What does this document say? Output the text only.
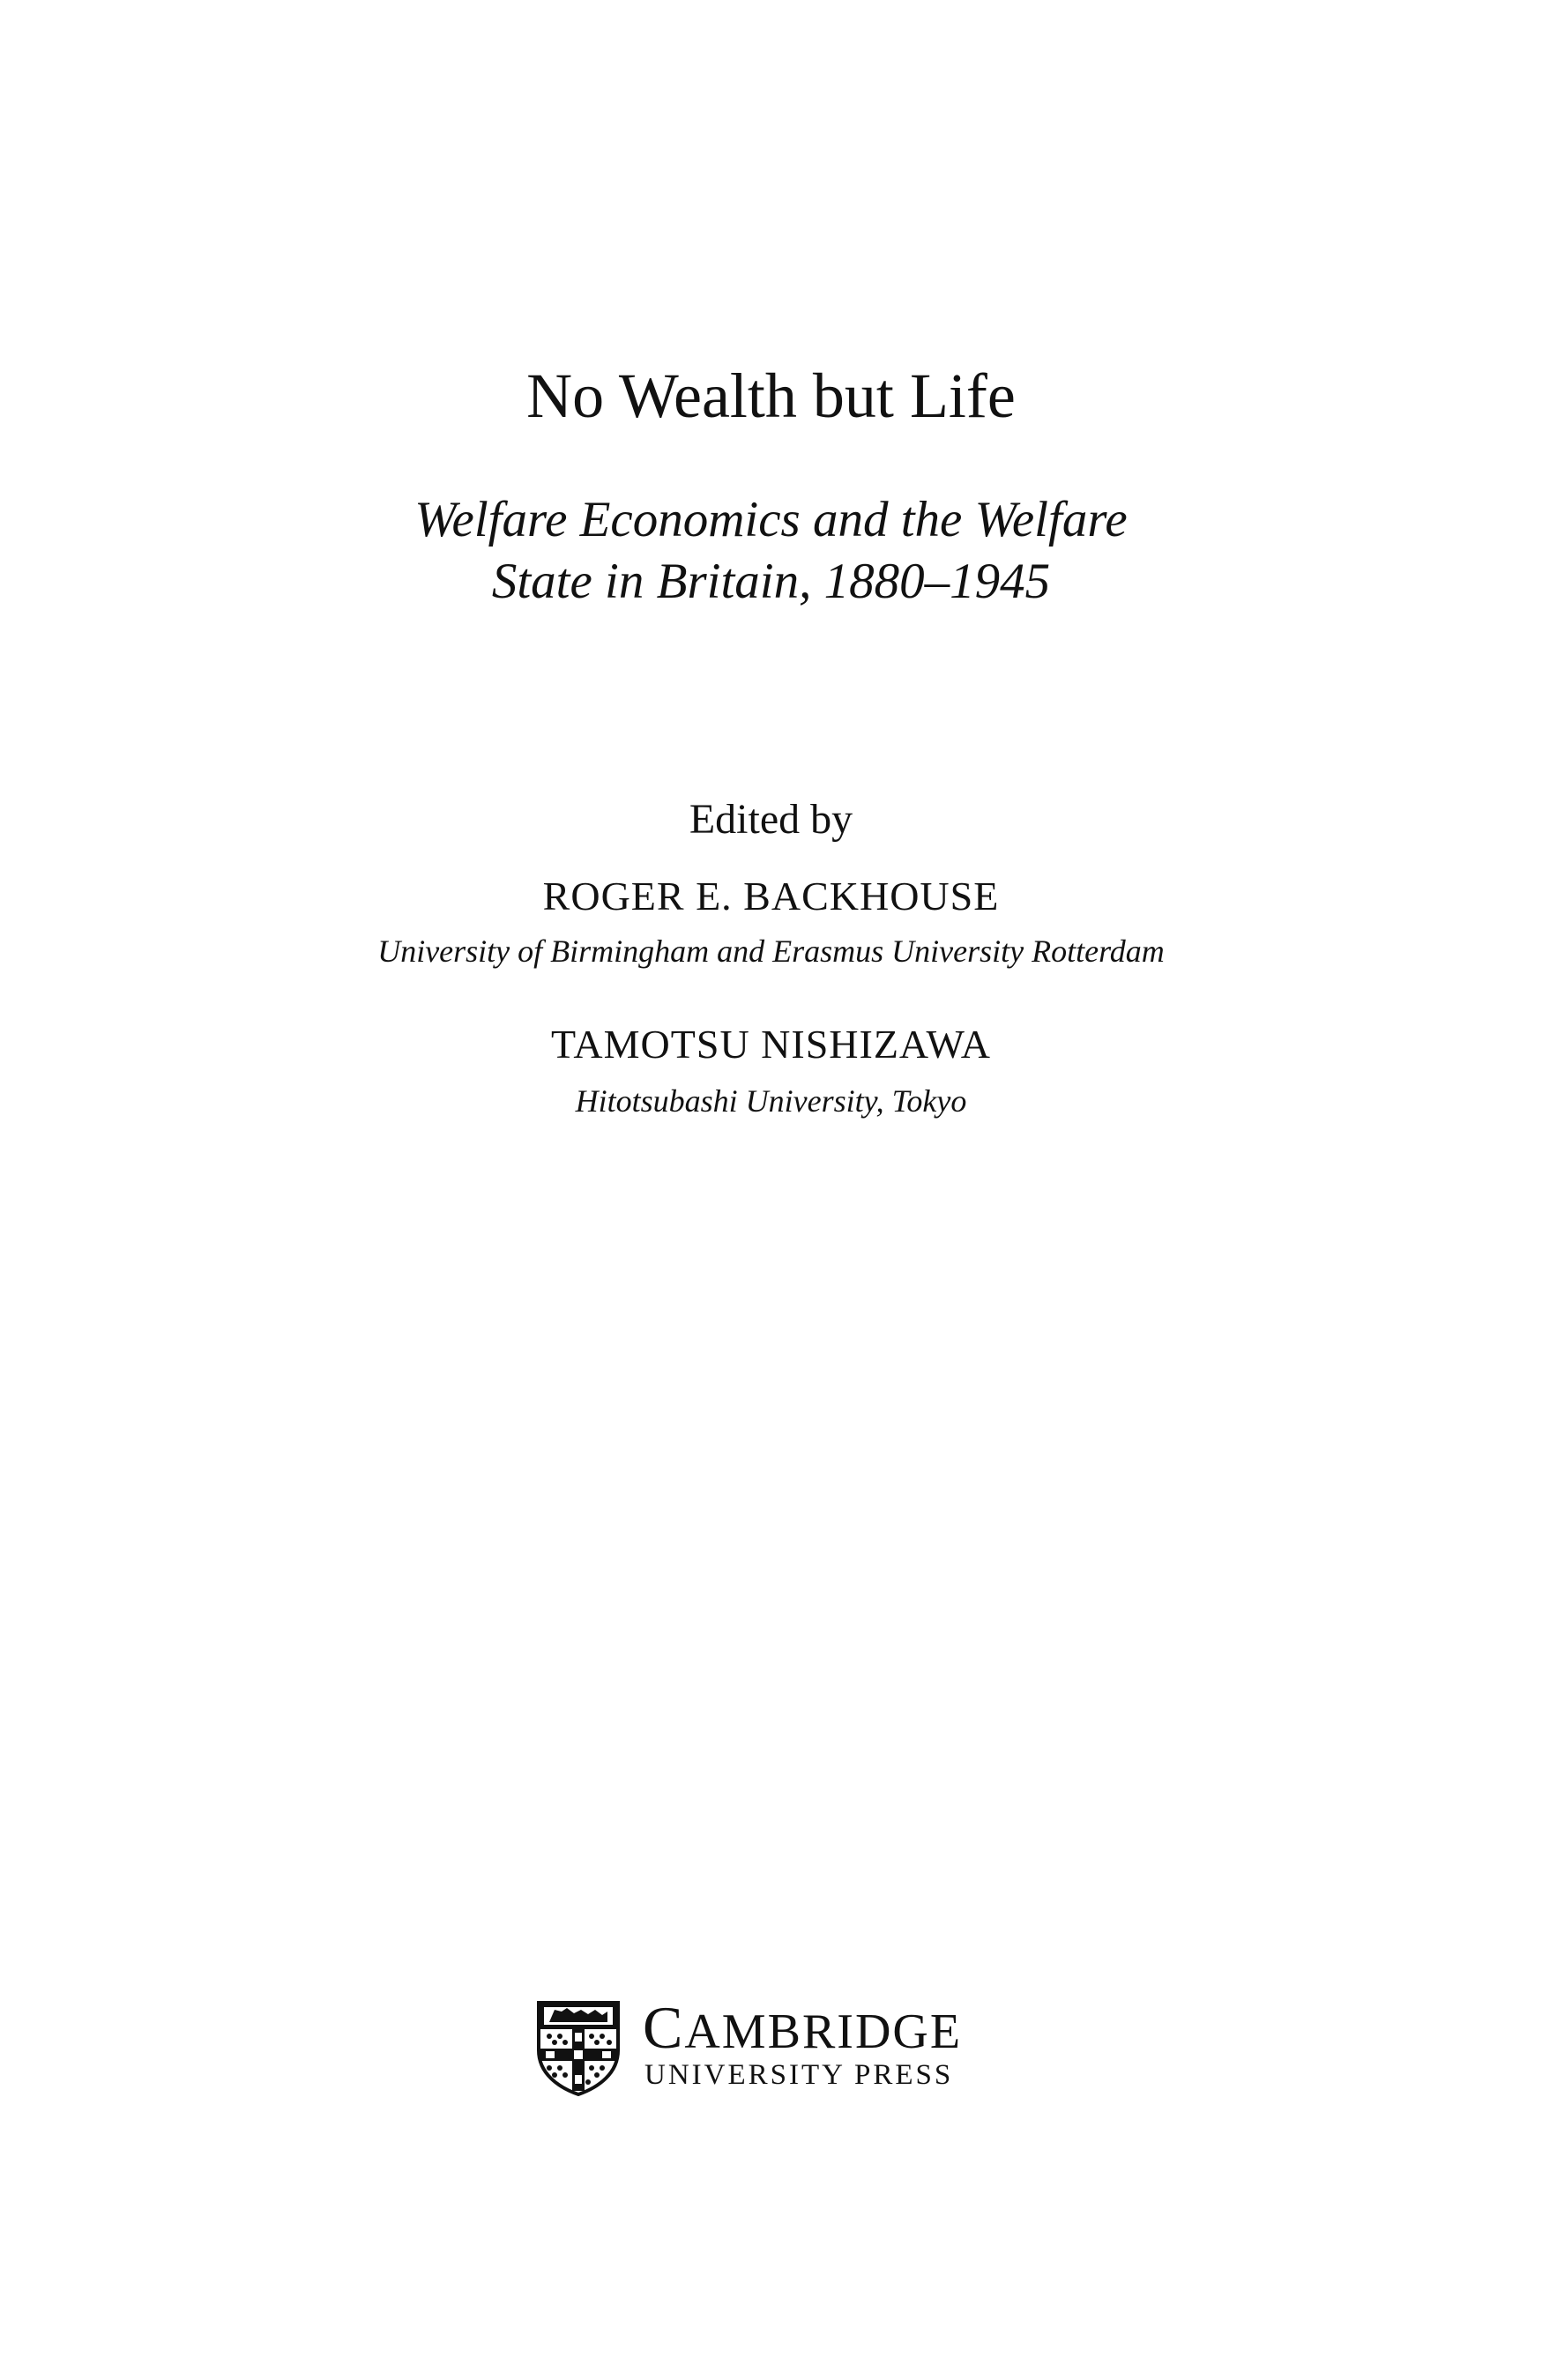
No Wealth but Life
Welfare Economics and the Welfare
State in Britain, 1880–1945
Edited by
ROGER E. BACKHOUSE
University of Birmingham and Erasmus University Rotterdam
TAMOTSU NISHIZAWA
Hitotsubashi University, Tokyo
CAMBRIDGE
UNIVERSITY PRESS
